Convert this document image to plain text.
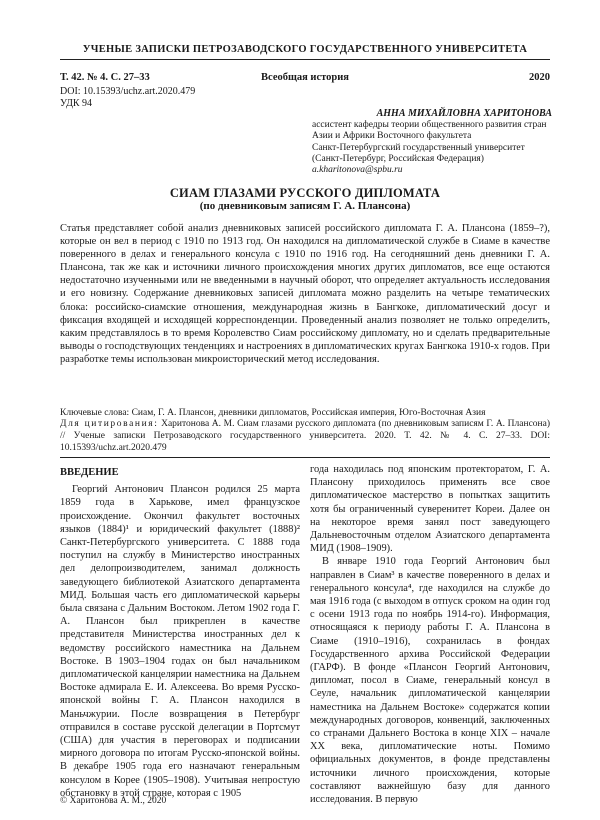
УЧЕНЫЕ ЗАПИСКИ ПЕТРОЗАВОДСКОГО ГОСУДАРСТВЕННОГО УНИВЕРСИТЕТА
Всеобщая история
Т. 42. № 4. С. 27–33	2020
DOI: 10.15393/uchz.art.2020.479
УДК 94
АННА МИХАЙЛОВНА ХАРИТОНОВА

ассистент кафедры теории общественного развития стран

Азии и Африки Восточного факультета

Санкт-Петербургский государственный университет

(Санкт-Петербург, Российская Федерация)

a.kharitonova@spbu.ru

СИАМ ГЛАЗАМИ РУССКОГО ДИПЛОМАТА
(по дневниковым записям Г. А. Плансона)

Статья представляет собой анализ дневниковых записей российского дипломата Г. А. Плансона (1859–?), которые он вел в период с 1910 по 1913 год. Он находился на дипломатической службе в Сиаме в качестве поверенного в делах и генерального консула с 1910 по 1916 год. На сегодняшний день дневники Г. А. Плансона, так же как и источники личного происхождения многих других дипломатов, все еще остаются недостаточно изученными или не введенными в научный оборот, что определяет актуальность исследования и его новизну. Содержание дневниковых записей дипломата можно разделить на четыре тематических блока: российско-сиамские отношения, международная жизнь в Бангкоке, дипломатический досуг и фиксация входящей и исходящей корреспонденции. Проведенный анализ позволяет не только определить, каким представлялось в то время Королевство Сиам российскому дипломату, но и сделать предварительные выводы о господствующих тенденциях и настроениях в дипломатических кругах Бангкока 1910-х годов. При разработке темы использован микроисторический метод исследования.

Ключевые слова: Сиам, Г. А. Плансон, дневники дипломатов, Российская империя, Юго-Восточная Азия
Для цитирования: Харитонова А. М. Сиам глазами русского дипломата (по дневниковым записям Г. А. Плансона) // Ученые записки Петрозаводского государственного университета. 2020. Т. 42. № 4. С. 27–33. DOI: 10.15393/uchz.art.2020.479
ВВЕДЕНИЕ

Георгий Антонович Плансон родился 25 марта 1859 года в Харькове, имел французское происхождение. Окончил факультет восточных языков (1884)¹ и юридический факультет (1888)² Санкт-Петербургского университета. С 1888 года поступил на службу в Министерство иностранных дел делопроизводителем, занимал должность заведующего библиотекой Азиатского департамента МИД. Большая часть его дипломатической карьеры была связана с Дальним Востоком. Летом 1902 года Г. А. Плансон был прикреплен в качестве представителя Министерства иностранных дел к ведомству российского наместника на Дальнем Востоке. В 1903–1904 годах он был начальником дипломатической канцелярии наместника на Дальнем Востоке адмирала Е. И. Алексеева. Во время Русско-японской войны Г. А. Плансон находился в Маньчжурии. После возвращения в Петербург отправился в составе русской делегации в Портсмут (США) для участия в переговорах и подписании мирного договора по итогам Русско-японской войны. В декабре 1905 года его назначают генеральным консулом в Корее (1905–1908). Учитывая непростую обстановку в этой стране, которая с 1905

года находилась под японским протекторатом, Г. А. Плансону приходилось применять все свое дипломатическое мастерство в попытках защитить хотя бы ограниченный суверенитет Кореи. Далее он на некоторое время занял пост заведующего Дальневосточным отделом Азиатского департамента МИД (1908–1909).

В январе 1910 года Георгий Антонович был направлен в Сиам³ в качестве поверенного в делах и генерального консула⁴, где находился на службе до мая 1916 года (с выходом в отпуск сроком на один год с осени 1913 года по ноябрь 1914-го). Информация, относящаяся к периоду работы Г. А. Плансона в Сиаме (1910–1916), сохранилась в фондах Государственного архива Российской Федерации (ГАРФ). В фонде «Плансон Георгий Антонович, дипломат, посол в Сиаме, генеральный консул в Сеуле, начальник дипломатической канцелярии наместника на Дальнем Востоке» содержатся копии международных договоров, конвенций, заключенных со странами Дальнего Востока в конце XIX – начале XX века, дипломатические ноты. Помимо официальных документов, в фонде представлены источники личного происхождения, которые составляют важнейшую базу для данного исследования. В первую

© Харитонова А. М., 2020
